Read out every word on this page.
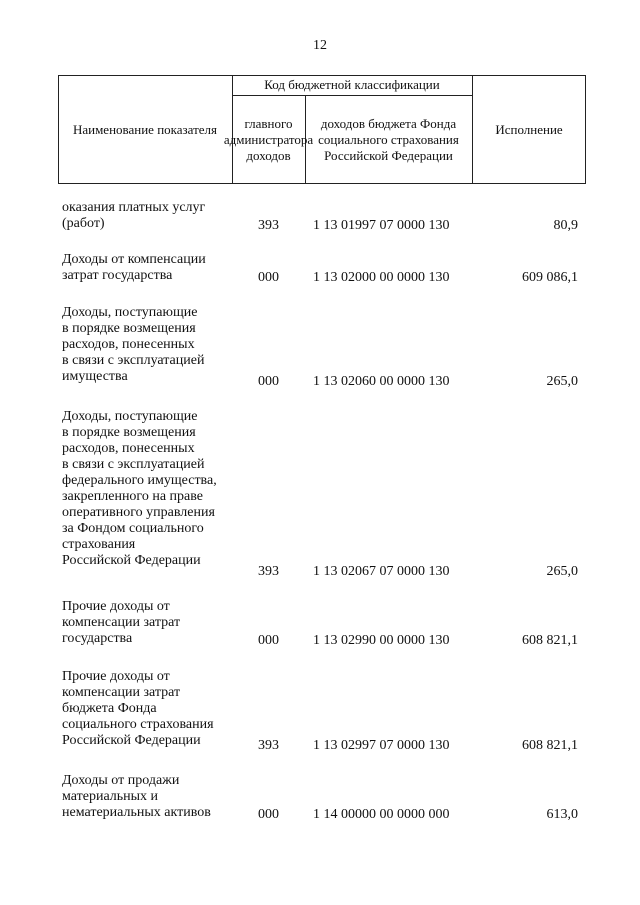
12
Наименование показателя
Код бюджетной классификации
главного администратора доходов
доходов бюджета Фонда социального страхования Российской Федерации
Исполнение
оказания платных услуг
(работ)	393	1 13 01997 07 0000 130	80,9
Доходы от компенсации
затрат государства	000	1 13 02000 00 0000 130	609 086,1
Доходы, поступающие
в порядке возмещения
расходов, понесенных
в связи с эксплуатацией
имущества	000	1 13 02060 00 0000 130	265,0
Доходы, поступающие
в порядке возмещения
расходов, понесенных
в связи с эксплуатацией
федерального имущества,
закрепленного на праве
оперативного управления
за Фондом социального
страхования
Российской Федерации
393	1 13 02067 07 0000 130	265,0
Прочие доходы от
компенсации затрат
государства	000	1 13 02990 00 0000 130	608 821,1
Прочие доходы от
компенсации затрат
бюджета Фонда
социального страхования
Российской Федерации	393	1 13 02997 07 0000 130	608 821,1
Доходы от продажи
материальных и
нематериальных активов	000	1 14 00000 00 0000 000	613,0
